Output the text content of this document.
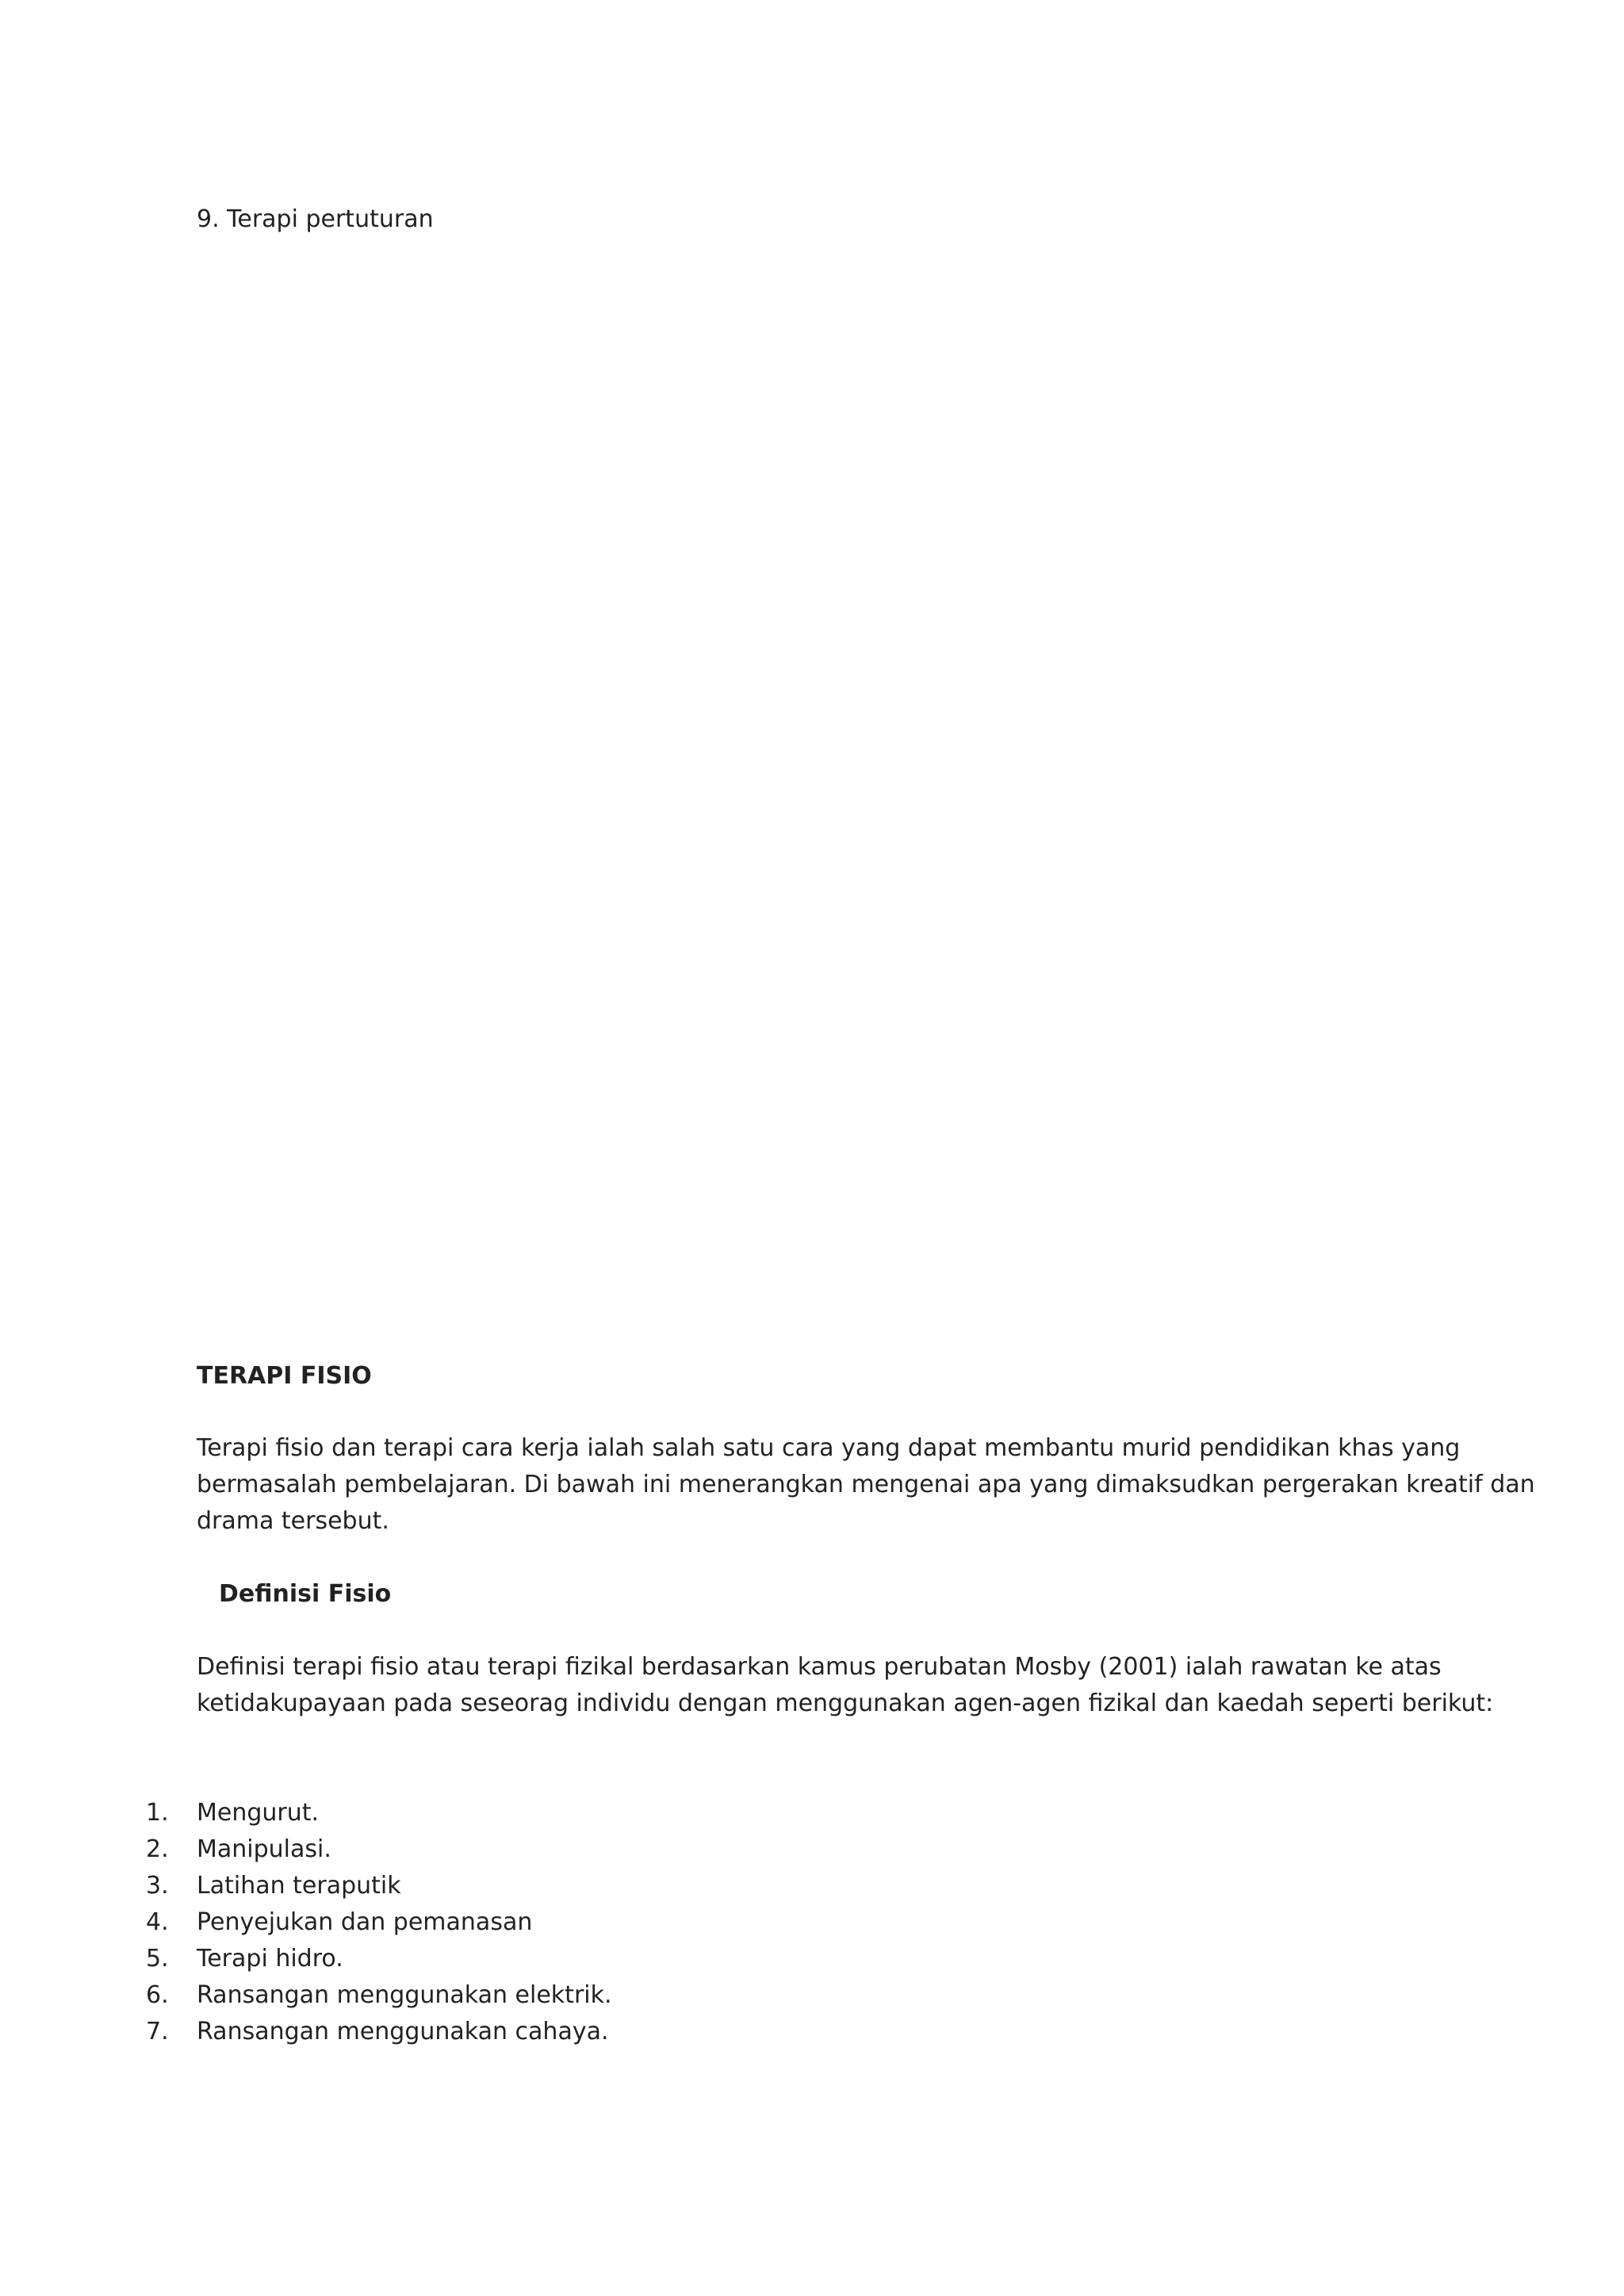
9. Terapi pertuturan

TERAPI FISIO

Terapi fisio dan terapi cara kerja ialah salah satu cara yang dapat membantu murid pendidikan khas yang
bermasalah pembelajaran. Di bawah ini menerangkan mengenai apa yang dimaksudkan pergerakan kreatif dan
drama tersebut.

Definisi Fisio

Definisi terapi fisio atau terapi fizikal berdasarkan kamus perubatan Mosby (2001) ialah rawatan ke atas
ketidakupayaan pada seseorag individu dengan menggunakan agen-agen fizikal dan kaedah seperti berikut:
1.	Mengurut.
2.	Manipulasi.
3.	Latihan teraputik
4.	Penyejukan dan pemanasan
5.	Terapi hidro.
6.	Ransangan menggunakan elektrik.
7.	Ransangan menggunakan cahaya.
